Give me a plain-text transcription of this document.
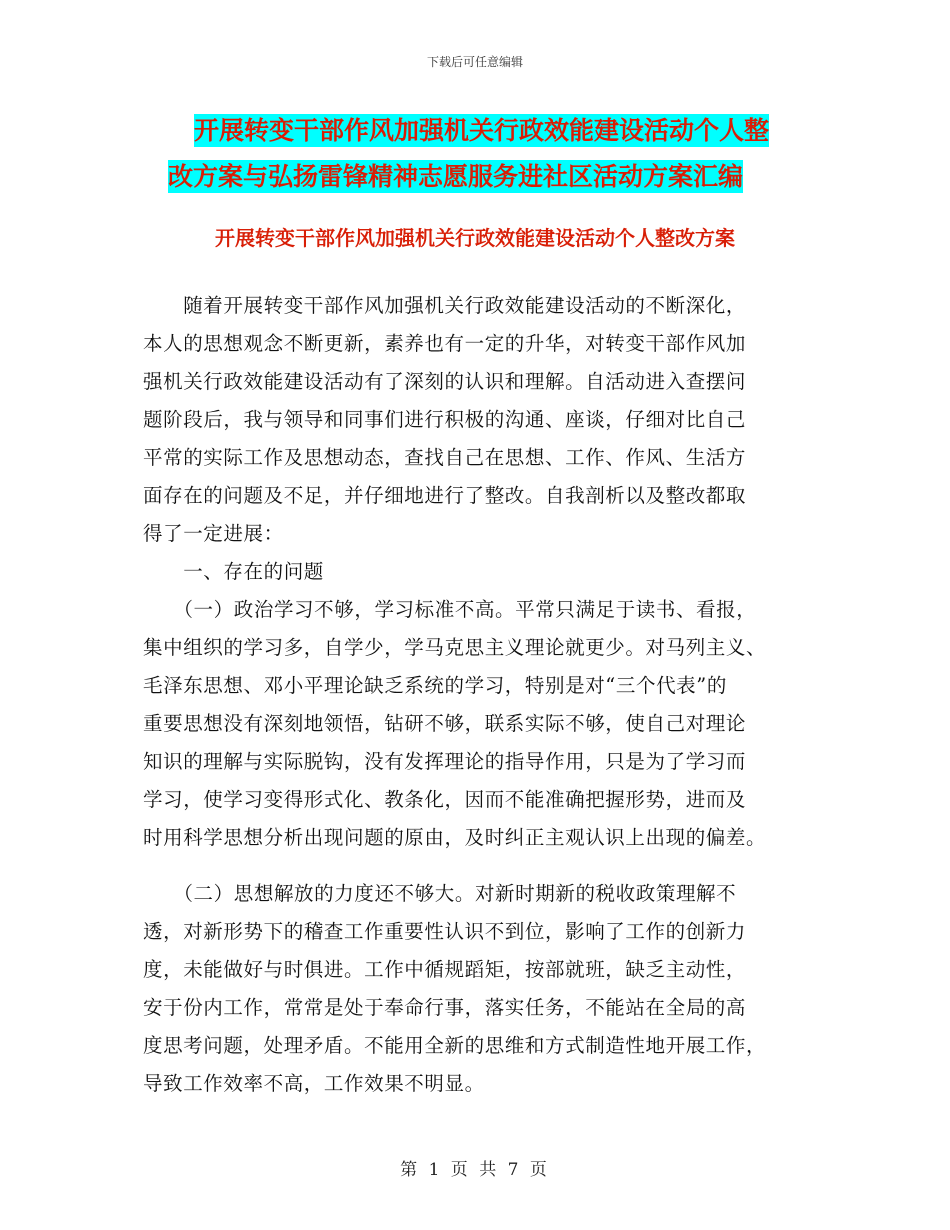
下载后可任意编辑
开展转变干部作风加强机关行政效能建设活动个人整
改方案与弘扬雷锋精神志愿服务进社区活动方案汇编
开展转变干部作风加强机关行政效能建设活动个人整改方案
　　随着开展转变干部作风加强机关行政效能建设活动的不断深化，
本人的思想观念不断更新，素养也有一定的升华，对转变干部作风加
强机关行政效能建设活动有了深刻的认识和理解。自活动进入查摆问
题阶段后，我与领导和同事们进行积极的沟通、座谈，仔细对比自己
平常的实际工作及思想动态，查找自己在思想、工作、作风、生活方
面存在的问题及不足，并仔细地进行了整改。自我剖析以及整改都取
得了一定进展：
　　一、存在的问题
　　（一）政治学习不够，学习标准不高。平常只满足于读书、看报，
集中组织的学习多，自学少，学马克思主义理论就更少。对马列主义、
毛泽东思想、邓小平理论缺乏系统的学习，特别是对“三个代表”的
重要思想没有深刻地领悟，钻研不够，联系实际不够，使自己对理论
知识的理解与实际脱钩，没有发挥理论的指导作用，只是为了学习而
学习，使学习变得形式化、教条化，因而不能准确把握形势，进而及
时用科学思想分析出现问题的原由，及时纠正主观认识上出现的偏差。
　　（二）思想解放的力度还不够大。对新时期新的税收政策理解不
透，对新形势下的稽查工作重要性认识不到位，影响了工作的创新力
度，未能做好与时俱进。工作中循规蹈矩，按部就班，缺乏主动性，
安于份内工作，常常是处于奉命行事，落实任务，不能站在全局的高
度思考问题，处理矛盾。不能用全新的思维和方式制造性地开展工作，
导致工作效率不高，工作效果不明显。
第 1 页 共 7 页
